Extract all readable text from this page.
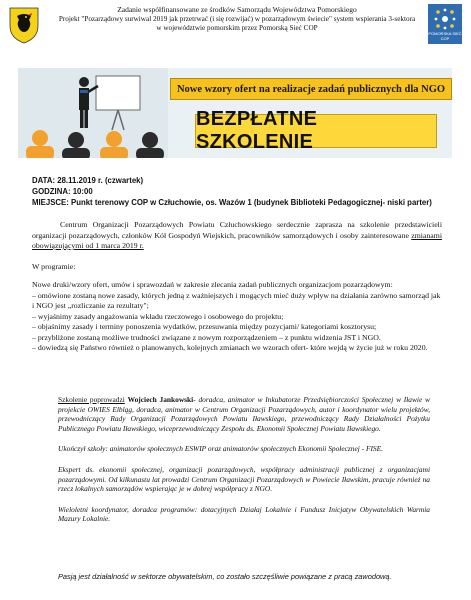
Zadanie współfinansowane ze środków Samorządu Województwa Pomorskiego
Projekt "Pozarządowy surwiwal 2019 jak przetrwać (i się rozwijać) w pozarządowym świecie" system wspierania 3-sektora
w województwie pomorskim przez Pomorską Sieć COP
POMORSKA SIEĆ COP
Nowe wzory ofert na realizacje zadań publicznych dla NGO
BEZPŁATNE SZKOLENIE
DATA: 28.11.2019 r. (czwartek)
GODZINA: 10:00
MIEJSCE: Punkt terenowy COP w Człuchowie, os. Wazów 1 (budynek Biblioteki Pedagogicznej- niski parter)
Centrum Organizacji Pozarządowych Powiatu Człuchowskiego serdecznie zaprasza na szkolenie przedstawicieli organizacji pozarządowych, członków Kół Gospodyń Wiejskich, pracowników samorządowych i osoby zainteresowane zmianami obowiązującymi od 1 marca 2019 r.
W programie:
Nowe druki/wzory ofert, umów i sprawozdań w zakresie zlecania zadań publicznych organizacjom pozarządowym:
– omówione zostaną nowe zasady, których jedną z ważniejszych i mogących mieć duży wpływ na działania zarówno samorząd jak i NGO jest „rozliczanie za rezultaty";
– wyjaśnimy zasady angażowania wkładu rzeczowego i osobowego do projektu;
– objaśnimy zasady i terminy ponoszenia wydatków, przesuwania między pozycjami/ kategoriami kosztorysu;
– przybliżone zostaną możliwe trudności związane z nowym rozporządzeniem – z punktu widzenia JST i NGO.
– dowiedzą się Państwo również o planowanych, kolejnych zmianach we wzorach ofert- które wejdą w życie już w roku 2020.

Szkolenie poprowadzi Wojciech Jankowski- doradca, animator w Inkubatorze Przedsiębiorczości Społecznej w Iławie w projekcie OWIES Elbląg, doradca, animator w Centrum Organizacji Pozarządowych, autor i koordynator wielu projektów, przewodniczący Rady Organizacji Pozarządowych Powiatu Iławskiego, przewodniczący Rady Działalności Pożytku Publicznego Powiatu Iławskiego, wiceprzewodniczący Zespołu ds. Ekonomii Społecznej Powiatu Iławskiego.

Ukończył szkoły: animatorów społecznych ESWIP oraz animatorów społecznych Ekonomii Społecznej - FISE.

Ekspert ds. ekonomii społecznej, organizacji pozarządowych, współpracy administracji publicznej z organizacjami pozarządowymi. Od kilkunastu lat prowadzi Centrum Organizacji Pozarządowych w Powiecie Iławskim, pracuje również na rzecz lokalnych samorządów wspierając je w dobrej współpracy z NGO.

Wieloletni koordynator, doradca programów: dotacyjnych Działaj Lokalnie i Fundusz Inicjatyw Obywatelskich Warmia Mazury Lokalnie.

Pasją jest działalność w sektorze obywatelskim, co zostało szczęśliwie powiązane z pracą zawodową.
